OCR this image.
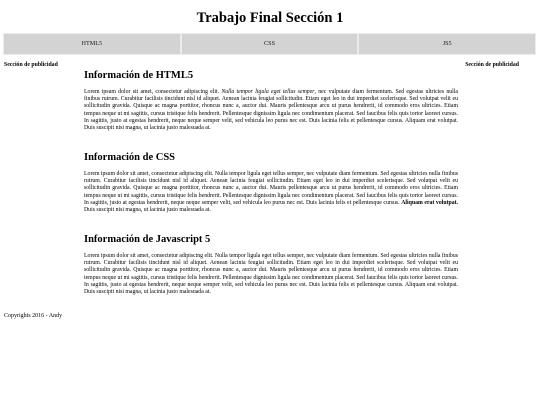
Trabajo Final Sección 1
HTML5	CSS	JS5
Sección de publicidad	Sección de publicidad
Información de HTML5

Lorem ipsum dolor sit amet, consectetur adipiscing elit. Nulla tempor ligula eget tellus semper, nec vulputate diam fermentum. Sed egestas ultricies nulla finibus rutrum. Curabitur facilisis tincidunt nisl id aliquet. Aenean lacinia feugiat sollicitudin. Etiam eget leo in dui imperdiet scelerisque. Sed volutpat velit eu sollicitudin gravida. Quisque ac magna porttitor, rhoncus nunc a, auctor dui. Mauris pellentesque arcu ut purus hendrerit, id commodo eros ultricies. Etiam tempus neque ut mi sagittis, cursus tristique felis hendrerit. Pellentesque dignissim ligula nec condimentum placerat. Sed faucibus felis quis tortor laoreet cursus. In sagittis, justo at egestas hendrerit, neque neque semper velit, sed vehicula leo purus nec est. Duis lacinia felis et pellentesque cursus. Aliquam erat volutpat. Duis suscipit nisi magna, ut lacinia justo malesuada at.

Información de CSS

Lorem ipsum dolor sit amet, consectetur adipiscing elit. Nulla tempor ligula eget tellus semper, nec vulputate diam fermentum. Sed egestas ultricies nulla finibus rutrum. Curabitur facilisis tincidunt nisl id aliquet. Aenean lacinia feugiat sollicitudin. Etiam eget leo in dui imperdiet scelerisque. Sed volutpat velit eu sollicitudin gravida. Quisque ac magna porttitor, rhoncus nunc a, auctor dui. Mauris pellentesque arcu ut purus hendrerit, id commodo eros ultricies. Etiam tempus neque ut mi sagittis, cursus tristique felis hendrerit. Pellentesque dignissim ligula nec condimentum placerat. Sed faucibus felis quis tortor laoreet cursus. In sagittis, justo at egestas hendrerit, neque neque semper velit, sed vehicula leo purus nec est. Duis lacinia felis et pellentesque cursus. Aliquam erat volutpat. Duis suscipit nisi magna, ut lacinia justo malesuada at.

Información de Javascript 5

Lorem ipsum dolor sit amet, consectetur adipiscing elit. Nulla tempor ligula eget tellus semper, nec vulputate diam fermentum. Sed egestas ultricies nulla finibus rutrum. Curabitur facilisis tincidunt nisl id aliquet. Aenean lacinia feugiat sollicitudin. Etiam eget leo in dui imperdiet scelerisque. Sed volutpat velit eu sollicitudin gravida. Quisque ac magna porttitor, rhoncus nunc a, auctor dui. Mauris pellentesque arcu ut purus hendrerit, id commodo eros ultricies. Etiam tempus neque ut mi sagittis, cursus tristique felis hendrerit. Pellentesque dignissim ligula nec condimentum placerat. Sed faucibus felis quis tortor laoreet cursus. In sagittis, justo at egestas hendrerit, neque neque semper velit, sed vehicula leo purus nec est. Duis lacinia felis et pellentesque cursus. Aliquam erat volutpat. Duis suscipit nisi magna, ut lacinia justo malesuada at.

Copyrights 2016 - Andy
